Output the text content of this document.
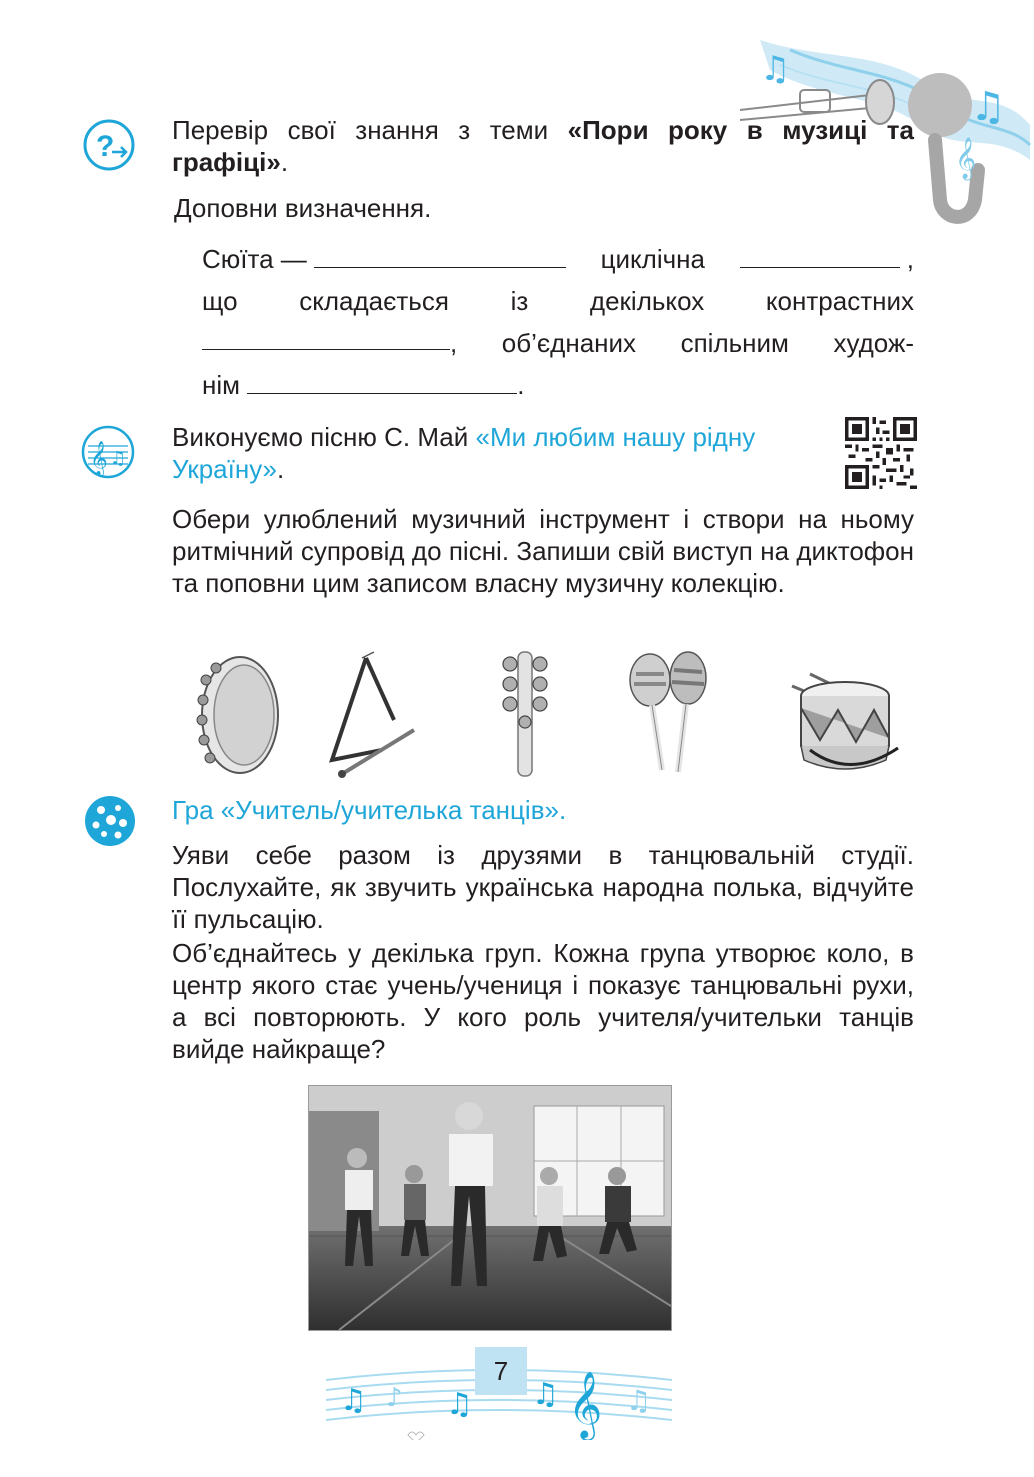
♫
♫
𝄞
? Перевір свої знання з теми «Пори року в музиці та графіці».
Доповни визначення.
Сюїта —	циклічна	,
що складається із декількох контрастних
, об’єднаних спільним худож-
нім	.
𝄞 ♫
Виконуємо пісню С. Май «Ми любим нашу рідну Україну».
Обери улюблений музичний інструмент і створи на ньому ритмічний супровід до пісні. Запиши свій виступ на диктофон та поповни цим записом власну музичну колекцію.
Гра «Учитель/учителька танців».
Уяви себе разом із друзями в танцювальній студії. Послухайте, як звучить українська народна полька, відчуйте її пульсацію.
Об’єднайтесь у декілька груп. Кожна група утворює коло, в центр якого стає учень/учениця і показує танцювальні рухи, а всі повторюють. У кого роль учителя/учительки танців вийде найкраще?
♫ ♪ ♫ ♫ ♫
𝄞
7
